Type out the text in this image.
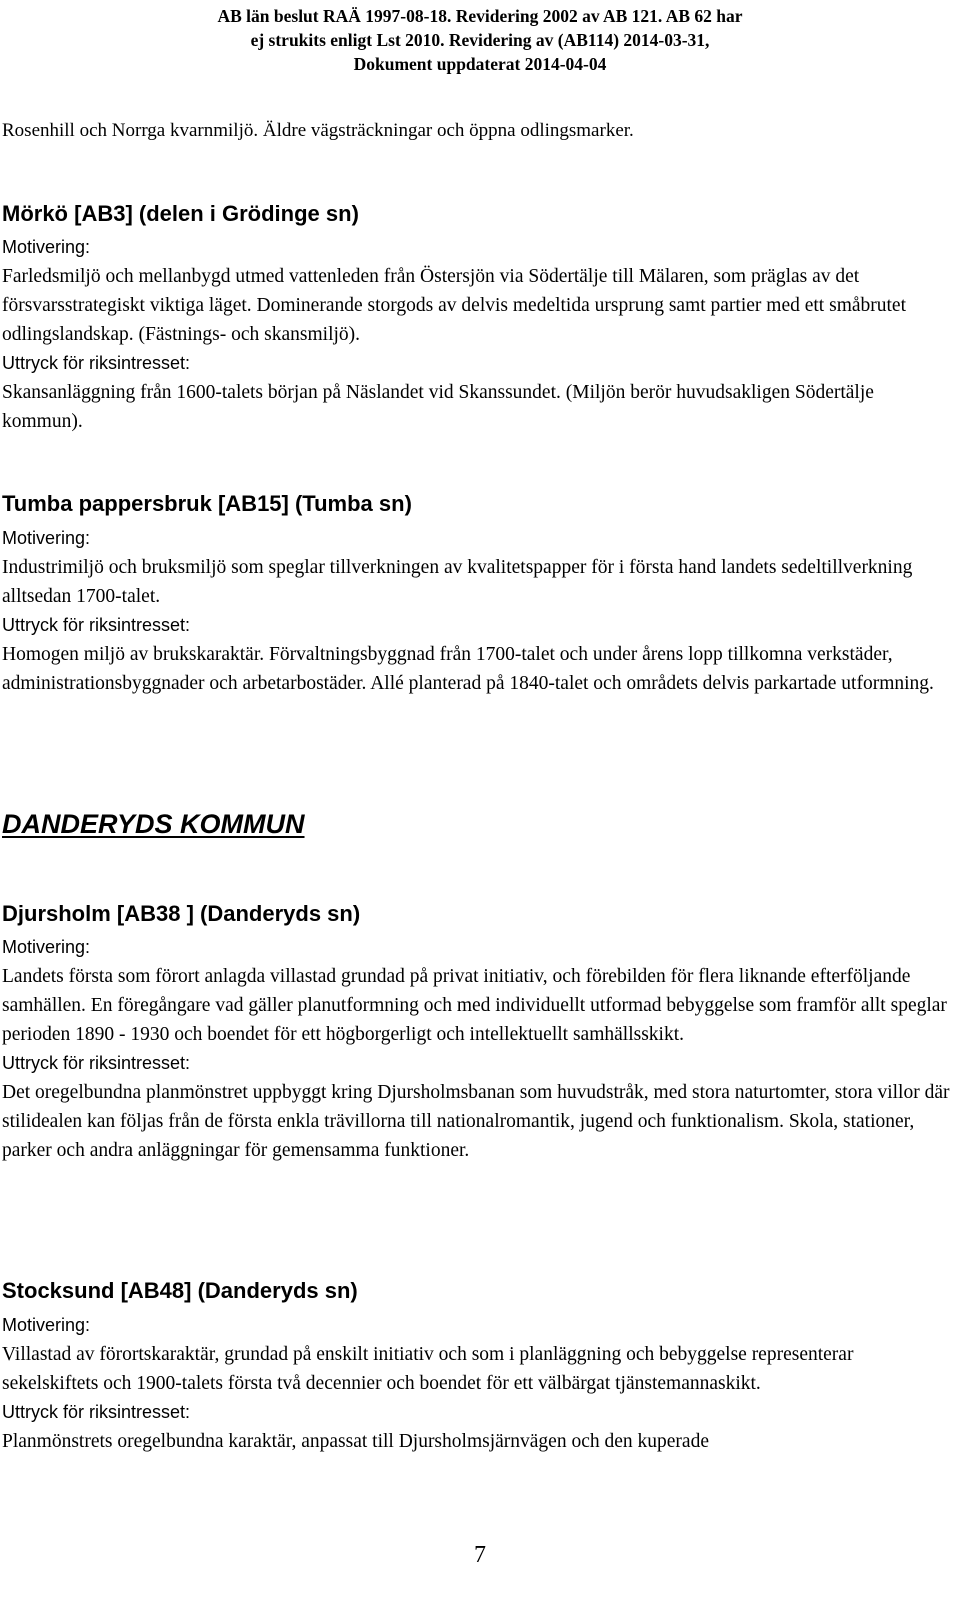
AB län beslut RAÄ 1997-08-18. Revidering 2002 av AB 121. AB 62 har
ej strukits enligt Lst 2010. Revidering av (AB114) 2014-03-31,
Dokument uppdaterat 2014-04-04

Rosenhill och Norrga kvarnmiljö. Äldre vägsträckningar och öppna odlingsmarker.

Mörkö [AB3] (delen i Grödinge sn)
Motivering:
Farledsmiljö och mellanbygd utmed vattenleden från Östersjön via Södertälje till Mälaren, som präglas av det försvarsstrategiskt viktiga läget. Dominerande storgods av delvis medeltida ursprung samt partier med ett småbrutet odlingslandskap. (Fästnings- och skansmiljö).
Uttryck för riksintresset:
Skansanläggning från 1600-talets början på Näslandet vid Skanssundet. (Miljön berör huvudsakligen Södertälje kommun).
Tumba pappersbruk [AB15] (Tumba sn)
Motivering:
Industrimiljö och bruksmiljö som speglar tillverkningen av kvalitetspapper för i första hand landets sedeltillverkning alltsedan 1700-talet.
Uttryck för riksintresset:
Homogen miljö av brukskaraktär. Förvaltningsbyggnad från 1700-talet och under årens lopp tillkomna verkstäder, administrationsbyggnader och arbetarbostäder. Allé planterad på 1840-talet och områdets delvis parkartade utformning.
DANDERYDS KOMMUN
Djursholm [AB38 ] (Danderyds sn)
Motivering:
Landets första som förort anlagda villastad grundad på privat initiativ, och förebilden för flera liknande efterföljande samhällen. En föregångare vad gäller planutformning och med individuellt utformad bebyggelse som framför allt speglar perioden 1890 - 1930 och boendet för ett högborgerligt och intellektuellt samhällsskikt.
Uttryck för riksintresset:
Det oregelbundna planmönstret uppbyggt kring Djursholmsbanan som huvudstråk, med stora naturtomter, stora villor där stilidealen kan följas från de första enkla trävillorna till nationalromantik, jugend och funktionalism. Skola, stationer, parker och andra anläggningar för gemensamma funktioner.
Stocksund [AB48] (Danderyds sn)
Motivering:
Villastad av förortskaraktär, grundad på enskilt initiativ och som i planläggning och bebyggelse representerar sekelskiftets och 1900-talets första två decennier och boendet för ett välbärgat tjänstemannaskikt.
Uttryck för riksintresset:
Planmönstrets oregelbundna karaktär, anpassat till Djursholmsjärnvägen och den kuperade
7
